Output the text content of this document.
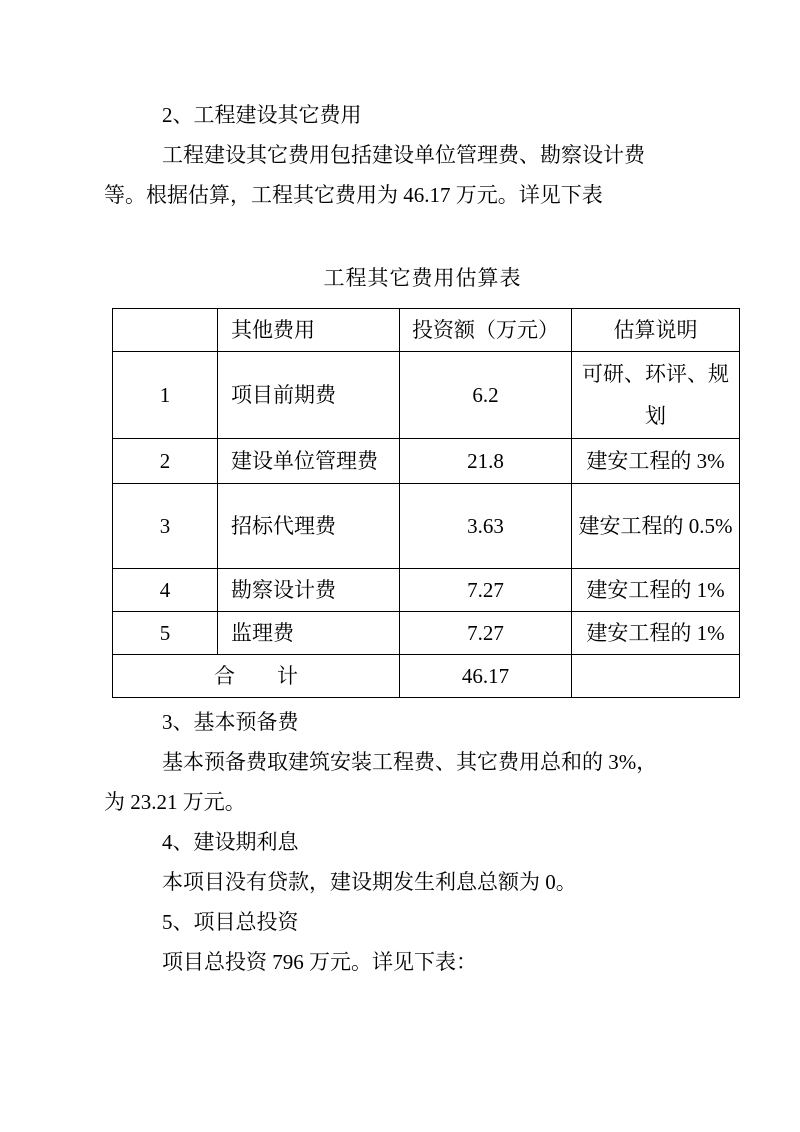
2、工程建设其它费用

工程建设其它费用包括建设单位管理费、勘察设计费

等。根据估算，工程其它费用为 46.17 万元。详见下表

工程其它费用估算表

	其他费用	投资额（万元）	估算说明
1	项目前期费	6.2	可研、环评、规划
2	建设单位管理费	21.8	建安工程的 3%
3	招标代理费	3.63	建安工程的 0.5%
4	勘察设计费	7.27	建安工程的 1%
5	监理费	7.27	建安工程的 1%
合　　计		46.17	

3、基本预备费

基本预备费取建筑安装工程费、其它费用总和的 3%，

为 23.21 万元。

4、建设期利息

本项目没有贷款，建设期发生利息总额为 0。

5、项目总投资

项目总投资 796 万元。详见下表：
